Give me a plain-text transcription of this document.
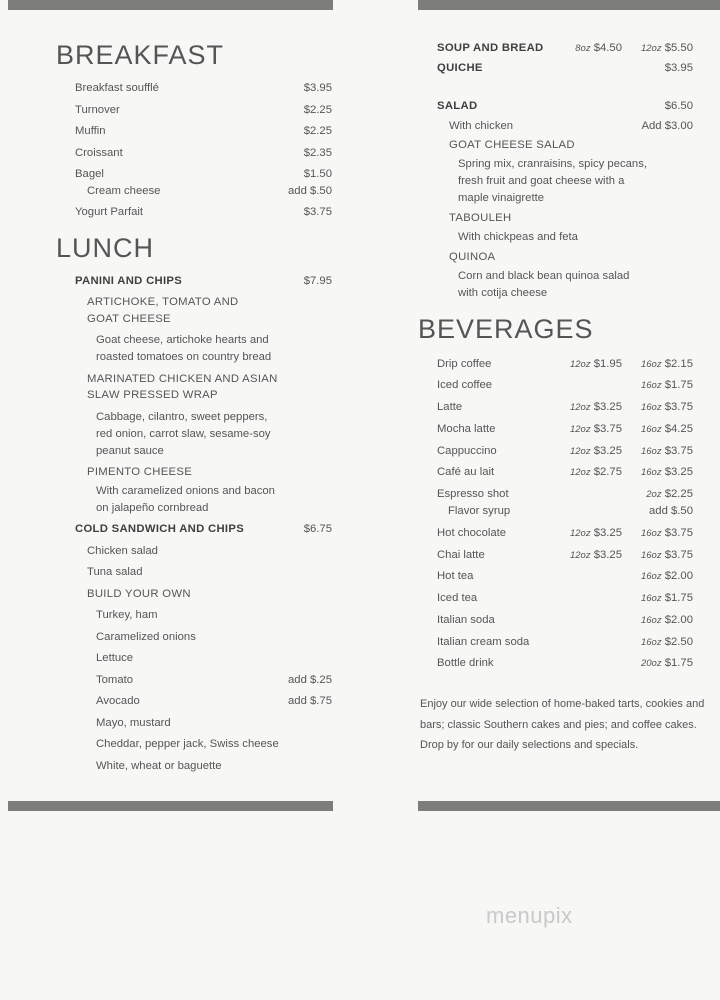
BREAKFAST
Breakfast soufflé	$3.95
Turnover	$2.25
Muffin	$2.25
Croissant	$2.35
Bagel	$1.50
Cream cheese	add $.50
Yogurt Parfait	$3.75
LUNCH
PANINI AND CHIPS	$7.95
ARTICHOKE, TOMATO AND
GOAT CHEESE
Goat cheese, artichoke hearts and
roasted tomatoes on country bread
MARINATED CHICKEN AND ASIAN
SLAW PRESSED WRAP
Cabbage, cilantro, sweet peppers,
red onion, carrot slaw, sesame-soy
peanut sauce
PIMENTO CHEESE
With caramelized onions and bacon
on jalapeño cornbread
COLD SANDWICH AND CHIPS	$6.75
Chicken salad
Tuna salad
BUILD YOUR OWN
Turkey, ham
Caramelized onions
Lettuce
Tomato	add $.25
Avocado	add $.75
Mayo, mustard
Cheddar, pepper jack, Swiss cheese
White, wheat or baguette
SOUP AND BREAD	8oz $4.50 12oz $5.50
QUICHE	$3.95
SALAD	$6.50
With chicken	Add $3.00
GOAT CHEESE SALAD
Spring mix, cranraisins, spicy pecans,
fresh fruit and goat cheese with a
maple vinaigrette
TABOULEH
With chickpeas and feta
QUINOA
Corn and black bean quinoa salad
with cotija cheese
BEVERAGES
Drip coffee	12oz $1.95 16oz $2.15
Iced coffee	16oz $1.75
Latte	12oz $3.25 16oz $3.75
Mocha latte	12oz $3.75 16oz $4.25
Cappuccino	12oz $3.25 16oz $3.75
Café au lait	12oz $2.75 16oz $3.25
Espresso shot	2oz $2.25
Flavor syrup	add $.50
Hot chocolate	12oz $3.25 16oz $3.75
Chai latte	12oz $3.25 16oz $3.75
Hot tea	16oz $2.00
Iced tea	16oz $1.75
Italian soda	16oz $2.00
Italian cream soda	16oz $2.50
Bottle drink	20oz $1.75
Enjoy our wide selection of home-baked tarts, cookies and bars; classic Southern cakes and pies; and coffee cakes. Drop by for our daily selections and specials.
menupix
